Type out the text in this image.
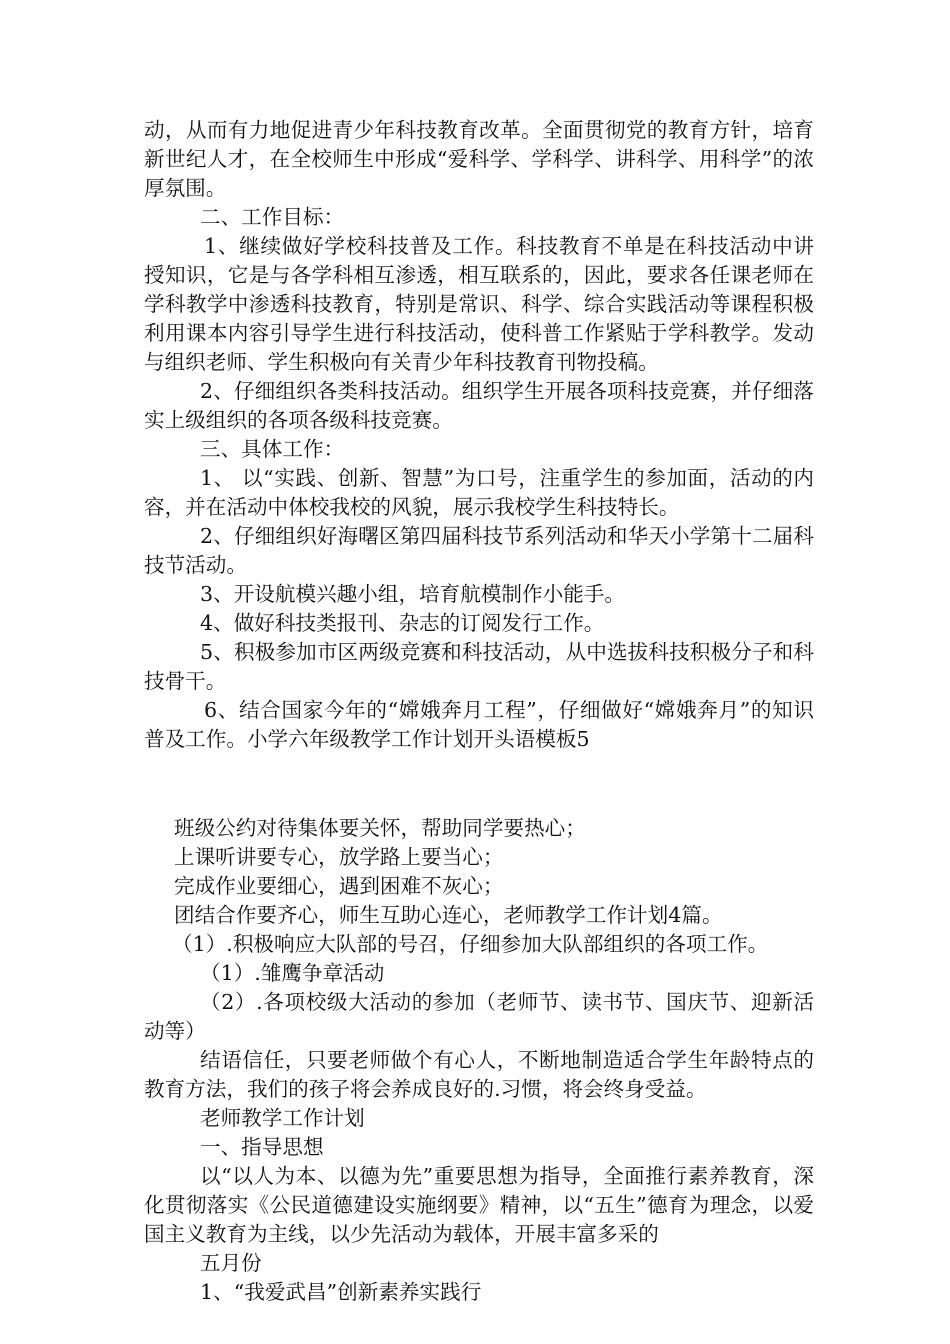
动，从而有力地促进青少年科技教育改革。全面贯彻党的教育方针，培育新世纪人才，在全校师生中形成“爱科学、学科学、讲科学、用科学”的浓厚氛围。

二、工作目标：

1、继续做好学校科技普及工作。科技教育不单是在科技活动中讲授知识，它是与各学科相互渗透，相互联系的，因此，要求各任课老师在学科教学中渗透科技教育，特别是常识、科学、综合实践活动等课程积极利用课本内容引导学生进行科技活动，使科普工作紧贴于学科教学。发动与组织老师、学生积极向有关青少年科技教育刊物投稿。

2、仔细组织各类科技活动。组织学生开展各项科技竞赛，并仔细落实上级组织的各项各级科技竞赛。

三、具体工作：

1、 以“实践、创新、智慧”为口号，注重学生的参加面，活动的内容，并在活动中体校我校的风貌，展示我校学生科技特长。

2、仔细组织好海曙区第四届科技节系列活动和华天小学第十二届科技节活动。

3、开设航模兴趣小组，培育航模制作小能手。

4、做好科技类报刊、杂志的订阅发行工作。

5、积极参加市区两级竞赛和科技活动，从中选拔科技积极分子和科技骨干。

6、结合国家今年的“嫦娥奔月工程”，仔细做好“嫦娥奔月”的知识普及工作。小学六年级教学工作计划开头语模板5

班级公约对待集体要关怀，帮助同学要热心；

上课听讲要专心，放学路上要当心；

完成作业要细心，遇到困难不灰心；

团结合作要齐心，师生互助心连心，老师教学工作计划4篇。

（1）.积极响应大队部的号召，仔细参加大队部组织的各项工作。

（1）.雏鹰争章活动

（2）.各项校级大活动的参加（老师节、读书节、国庆节、迎新活动等）

结语信任，只要老师做个有心人，不断地制造适合学生年龄特点的教育方法，我们的孩子将会养成良好的.习惯，将会终身受益。

老师教学工作计划

一、指导思想

以“以人为本、以德为先”重要思想为指导，全面推行素养教育，深化贯彻落实《公民道德建设实施纲要》精神，以“五生”德育为理念，以爱国主义教育为主线，以少先活动为载体，开展丰富多采的

五月份

1、“我爱武昌”创新素养实践行
